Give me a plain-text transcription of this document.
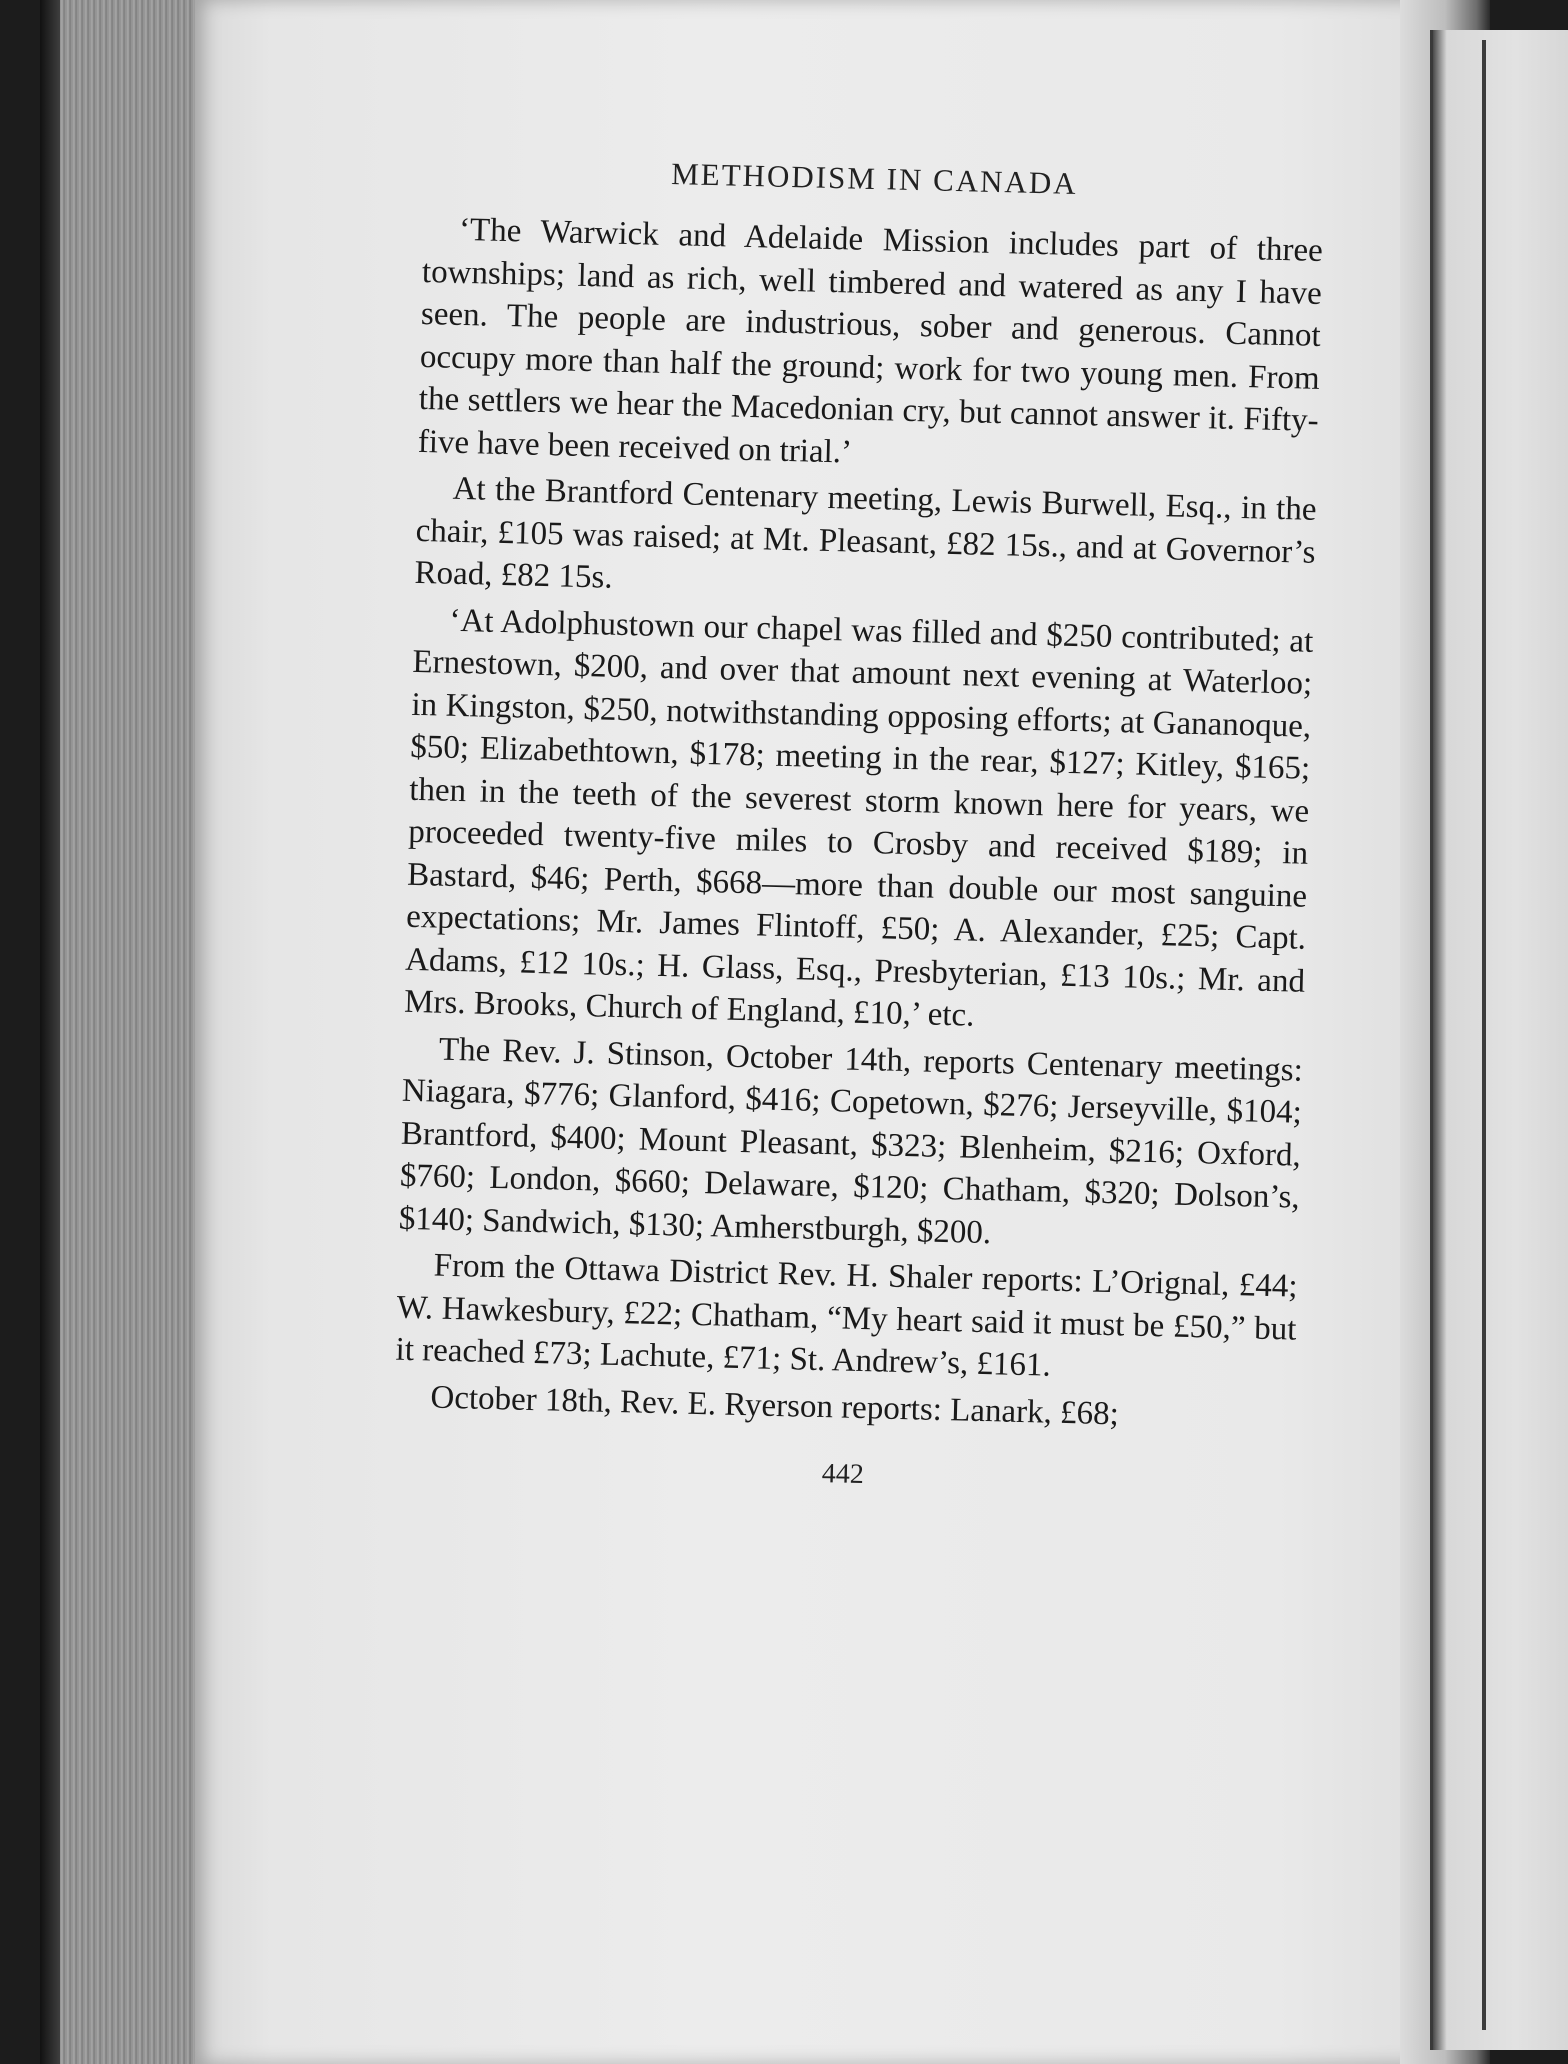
METHODISM IN CANADA

‘The Warwick and Adelaide Mission includes part of three townships; land as rich, well timbered and watered as any I have seen. The people are industrious, sober and generous. Cannot occupy more than half the ground; work for two young men. From the settlers we hear the Macedonian cry, but cannot answer it. Fifty-five have been received on trial.’

At the Brantford Centenary meeting, Lewis Burwell, Esq., in the chair, £105 was raised; at Mt. Pleasant, £82 15s., and at Governor’s Road, £82 15s.

‘At Adolphustown our chapel was filled and $250 contributed; at Ernestown, $200, and over that amount next evening at Waterloo; in Kingston, $250, notwithstanding opposing efforts; at Gananoque, $50; Elizabethtown, $178; meeting in the rear, $127; Kitley, $165; then in the teeth of the severest storm known here for years, we proceeded twenty-five miles to Crosby and received $189; in Bastard, $46; Perth, $668—more than double our most sanguine expectations; Mr. James Flintoff, £50; A. Alexander, £25; Capt. Adams, £12 10s.; H. Glass, Esq., Presbyterian, £13 10s.; Mr. and Mrs. Brooks, Church of England, £10,’ etc.

The Rev. J. Stinson, October 14th, reports Centenary meetings: Niagara, $776; Glanford, $416; Copetown, $276; Jerseyville, $104; Brantford, $400; Mount Pleasant, $323; Blenheim, $216; Oxford, $760; London, $660; Delaware, $120; Chatham, $320; Dolson’s, $140; Sandwich, $130; Amherstburgh, $200.

From the Ottawa District Rev. H. Shaler reports: L’Orignal, £44; W. Hawkesbury, £22; Chatham, “My heart said it must be £50,” but it reached £73; Lachute, £71; St. Andrew’s, £161.

October 18th, Rev. E. Ryerson reports: Lanark, £68;

442
